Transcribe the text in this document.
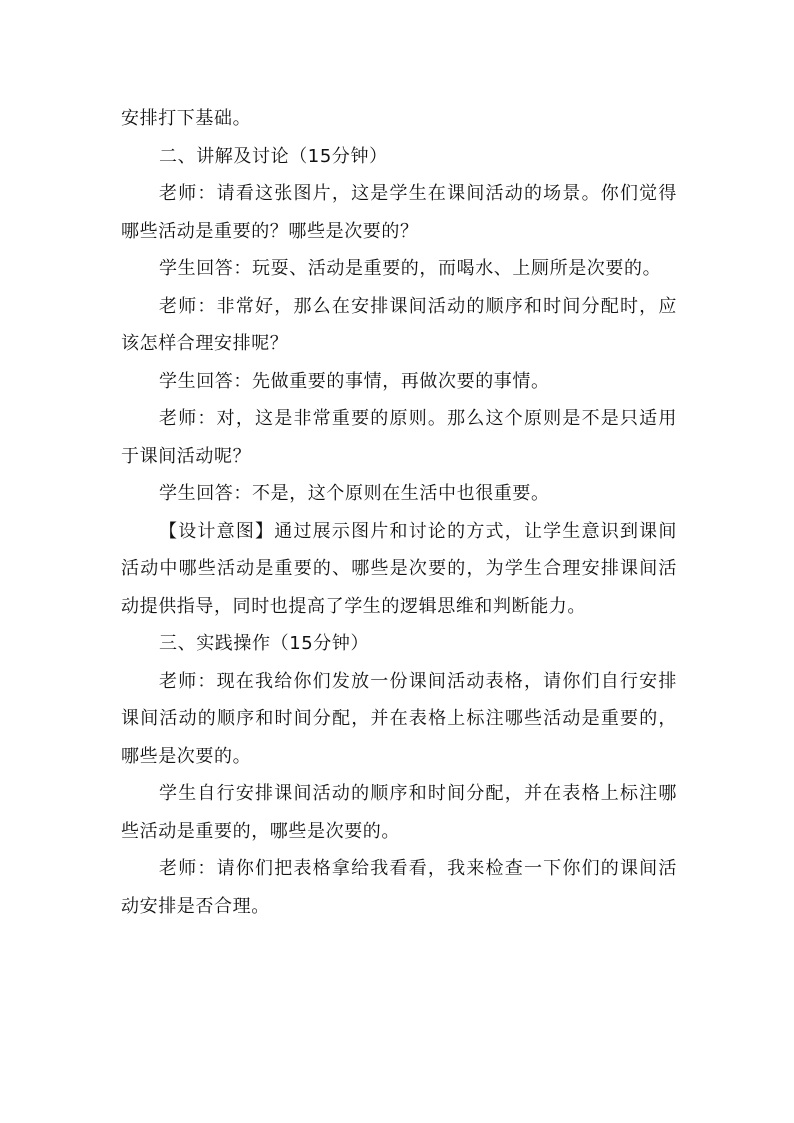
安排打下基础。

二、讲解及讨论（15分钟）

老师：请看这张图片，这是学生在课间活动的场景。你们觉得哪些活动是重要的？哪些是次要的？

学生回答：玩耍、活动是重要的，而喝水、上厕所是次要的。

老师：非常好，那么在安排课间活动的顺序和时间分配时，应该怎样合理安排呢？

学生回答：先做重要的事情，再做次要的事情。

老师：对，这是非常重要的原则。那么这个原则是不是只适用于课间活动呢？

学生回答：不是，这个原则在生活中也很重要。

【设计意图】通过展示图片和讨论的方式，让学生意识到课间活动中哪些活动是重要的、哪些是次要的，为学生合理安排课间活动提供指导，同时也提高了学生的逻辑思维和判断能力。

三、实践操作（15分钟）

老师：现在我给你们发放一份课间活动表格，请你们自行安排课间活动的顺序和时间分配，并在表格上标注哪些活动是重要的，哪些是次要的。

学生自行安排课间活动的顺序和时间分配，并在表格上标注哪些活动是重要的，哪些是次要的。

老师：请你们把表格拿给我看看，我来检查一下你们的课间活动安排是否合理。
